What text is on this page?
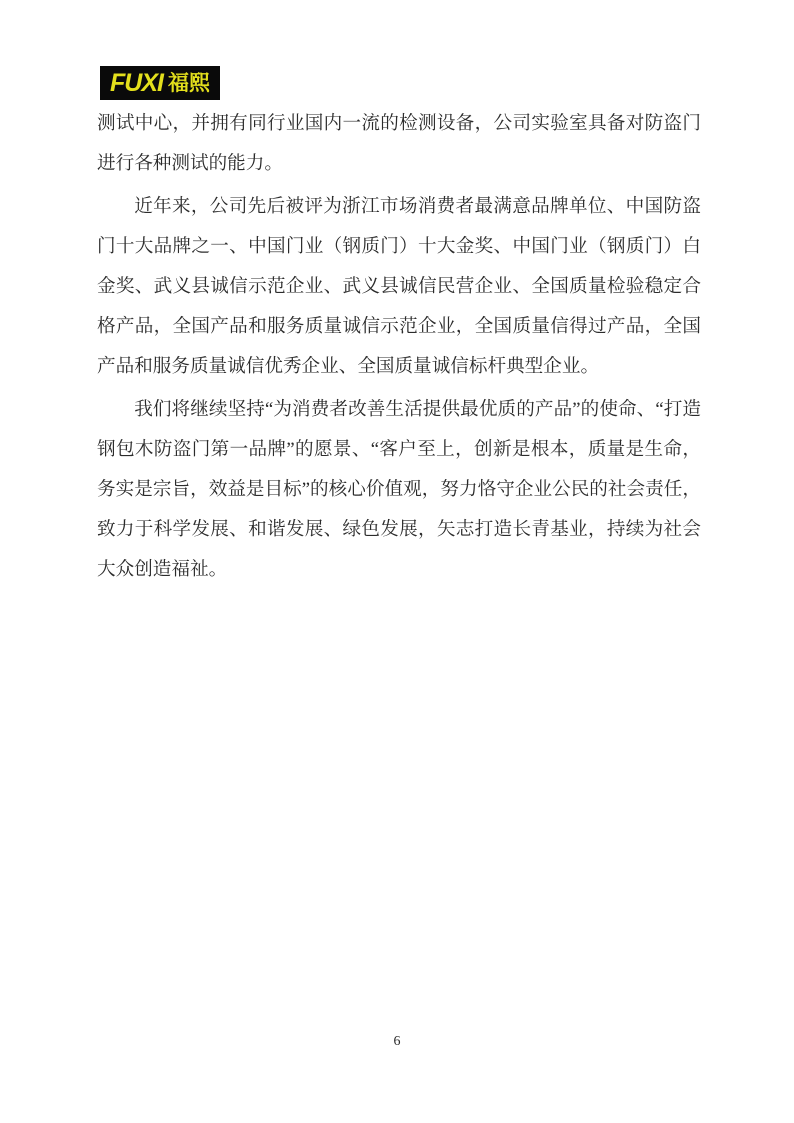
FUXI 福熙

测试中心，并拥有同行业国内一流的检测设备，公司实验室具备对防盗门进行各种测试的能力。

近年来，公司先后被评为浙江市场消费者最满意品牌单位、中国防盗门十大品牌之一、中国门业（钢质门）十大金奖、中国门业（钢质门）白金奖、武义县诚信示范企业、武义县诚信民营企业、全国质量检验稳定合格产品，全国产品和服务质量诚信示范企业，全国质量信得过产品，全国产品和服务质量诚信优秀企业、全国质量诚信标杆典型企业。

我们将继续坚持“为消费者改善生活提供最优质的产品”的使命、“打造钢包木防盗门第一品牌”的愿景、“客户至上，创新是根本，质量是生命，务实是宗旨，效益是目标”的核心价值观，努力恪守企业公民的社会责任，致力于科学发展、和谐发展、绿色发展，矢志打造长青基业，持续为社会大众创造福祉。

6
